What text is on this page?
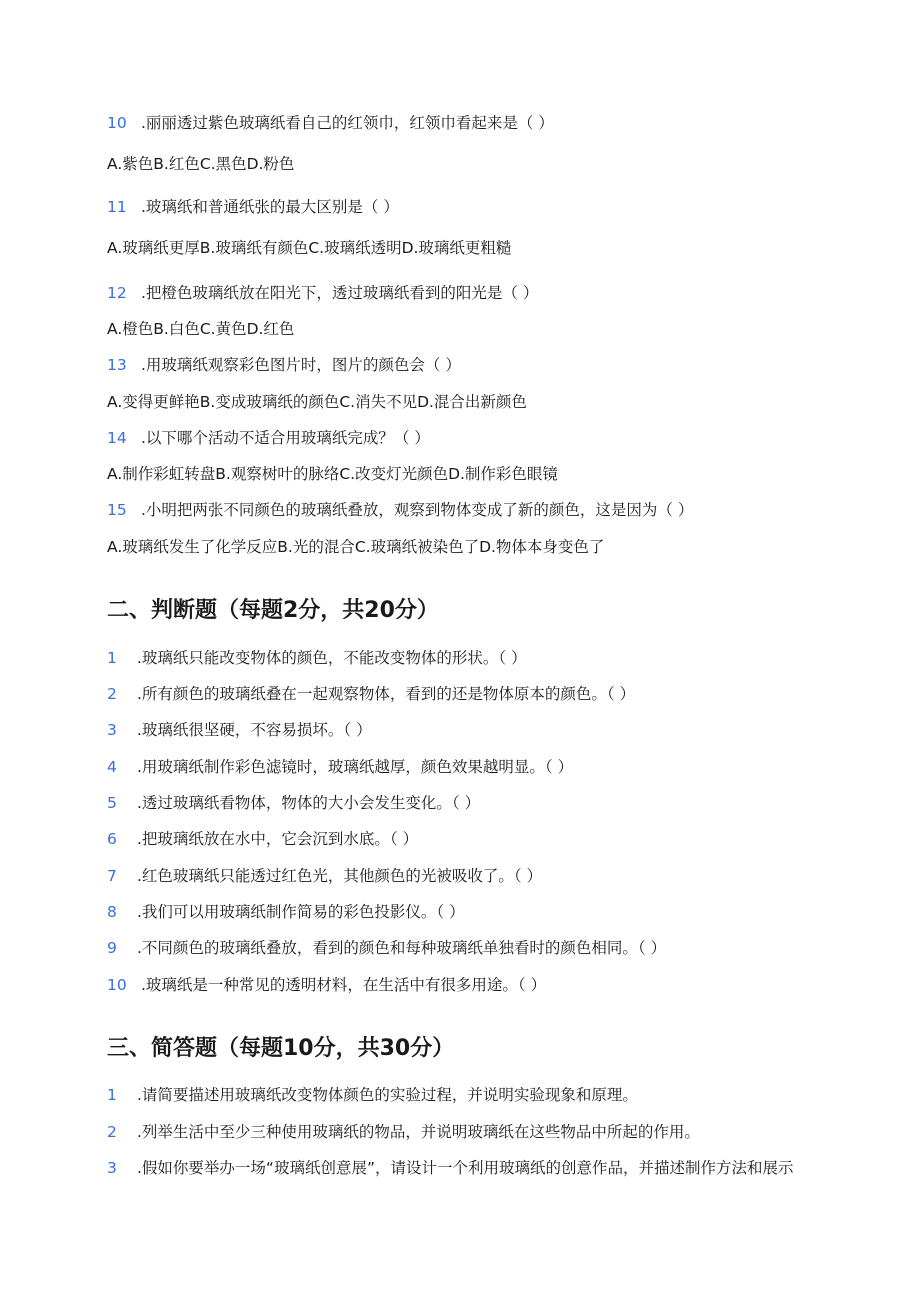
10 .丽丽透过紫色玻璃纸看自己的红领巾，红领巾看起来是（ ）
A.紫色B.红色C.黑色D.粉色
11 .玻璃纸和普通纸张的最大区别是（ ）
A.玻璃纸更厚B.玻璃纸有颜色C.玻璃纸透明D.玻璃纸更粗糙
12 .把橙色玻璃纸放在阳光下，透过玻璃纸看到的阳光是（ ）
A.橙色B.白色C.黄色D.红色
13 .用玻璃纸观察彩色图片时，图片的颜色会（ ）
A.变得更鲜艳B.变成玻璃纸的颜色C.消失不见D.混合出新颜色
14 .以下哪个活动不适合用玻璃纸完成？（ ）
A.制作彩虹转盘B.观察树叶的脉络C.改变灯光颜色D.制作彩色眼镜
15 .小明把两张不同颜色的玻璃纸叠放，观察到物体变成了新的颜色，这是因为（ ）
A.玻璃纸发生了化学反应B.光的混合C.玻璃纸被染色了D.物体本身变色了
二、判断题（每题2分，共20分）
1 .玻璃纸只能改变物体的颜色，不能改变物体的形状。（ ）
2 .所有颜色的玻璃纸叠在一起观察物体，看到的还是物体原本的颜色。（ ）
3 .玻璃纸很坚硬，不容易损坏。（ ）
4 .用玻璃纸制作彩色滤镜时，玻璃纸越厚，颜色效果越明显。（ ）
5 .透过玻璃纸看物体，物体的大小会发生变化。（ ）
6 .把玻璃纸放在水中，它会沉到水底。（ ）
7 .红色玻璃纸只能透过红色光，其他颜色的光被吸收了。（ ）
8 .我们可以用玻璃纸制作简易的彩色投影仪。（ ）
9 .不同颜色的玻璃纸叠放，看到的颜色和每种玻璃纸单独看时的颜色相同。（ ）
10 .玻璃纸是一种常见的透明材料，在生活中有很多用途。（ ）
三、简答题（每题10分，共30分）
1 .请简要描述用玻璃纸改变物体颜色的实验过程，并说明实验现象和原理。
2 .列举生活中至少三种使用玻璃纸的物品，并说明玻璃纸在这些物品中所起的作用。
3 .假如你要举办一场“玻璃纸创意展”，请设计一个利用玻璃纸的创意作品，并描述制作方法和展示
